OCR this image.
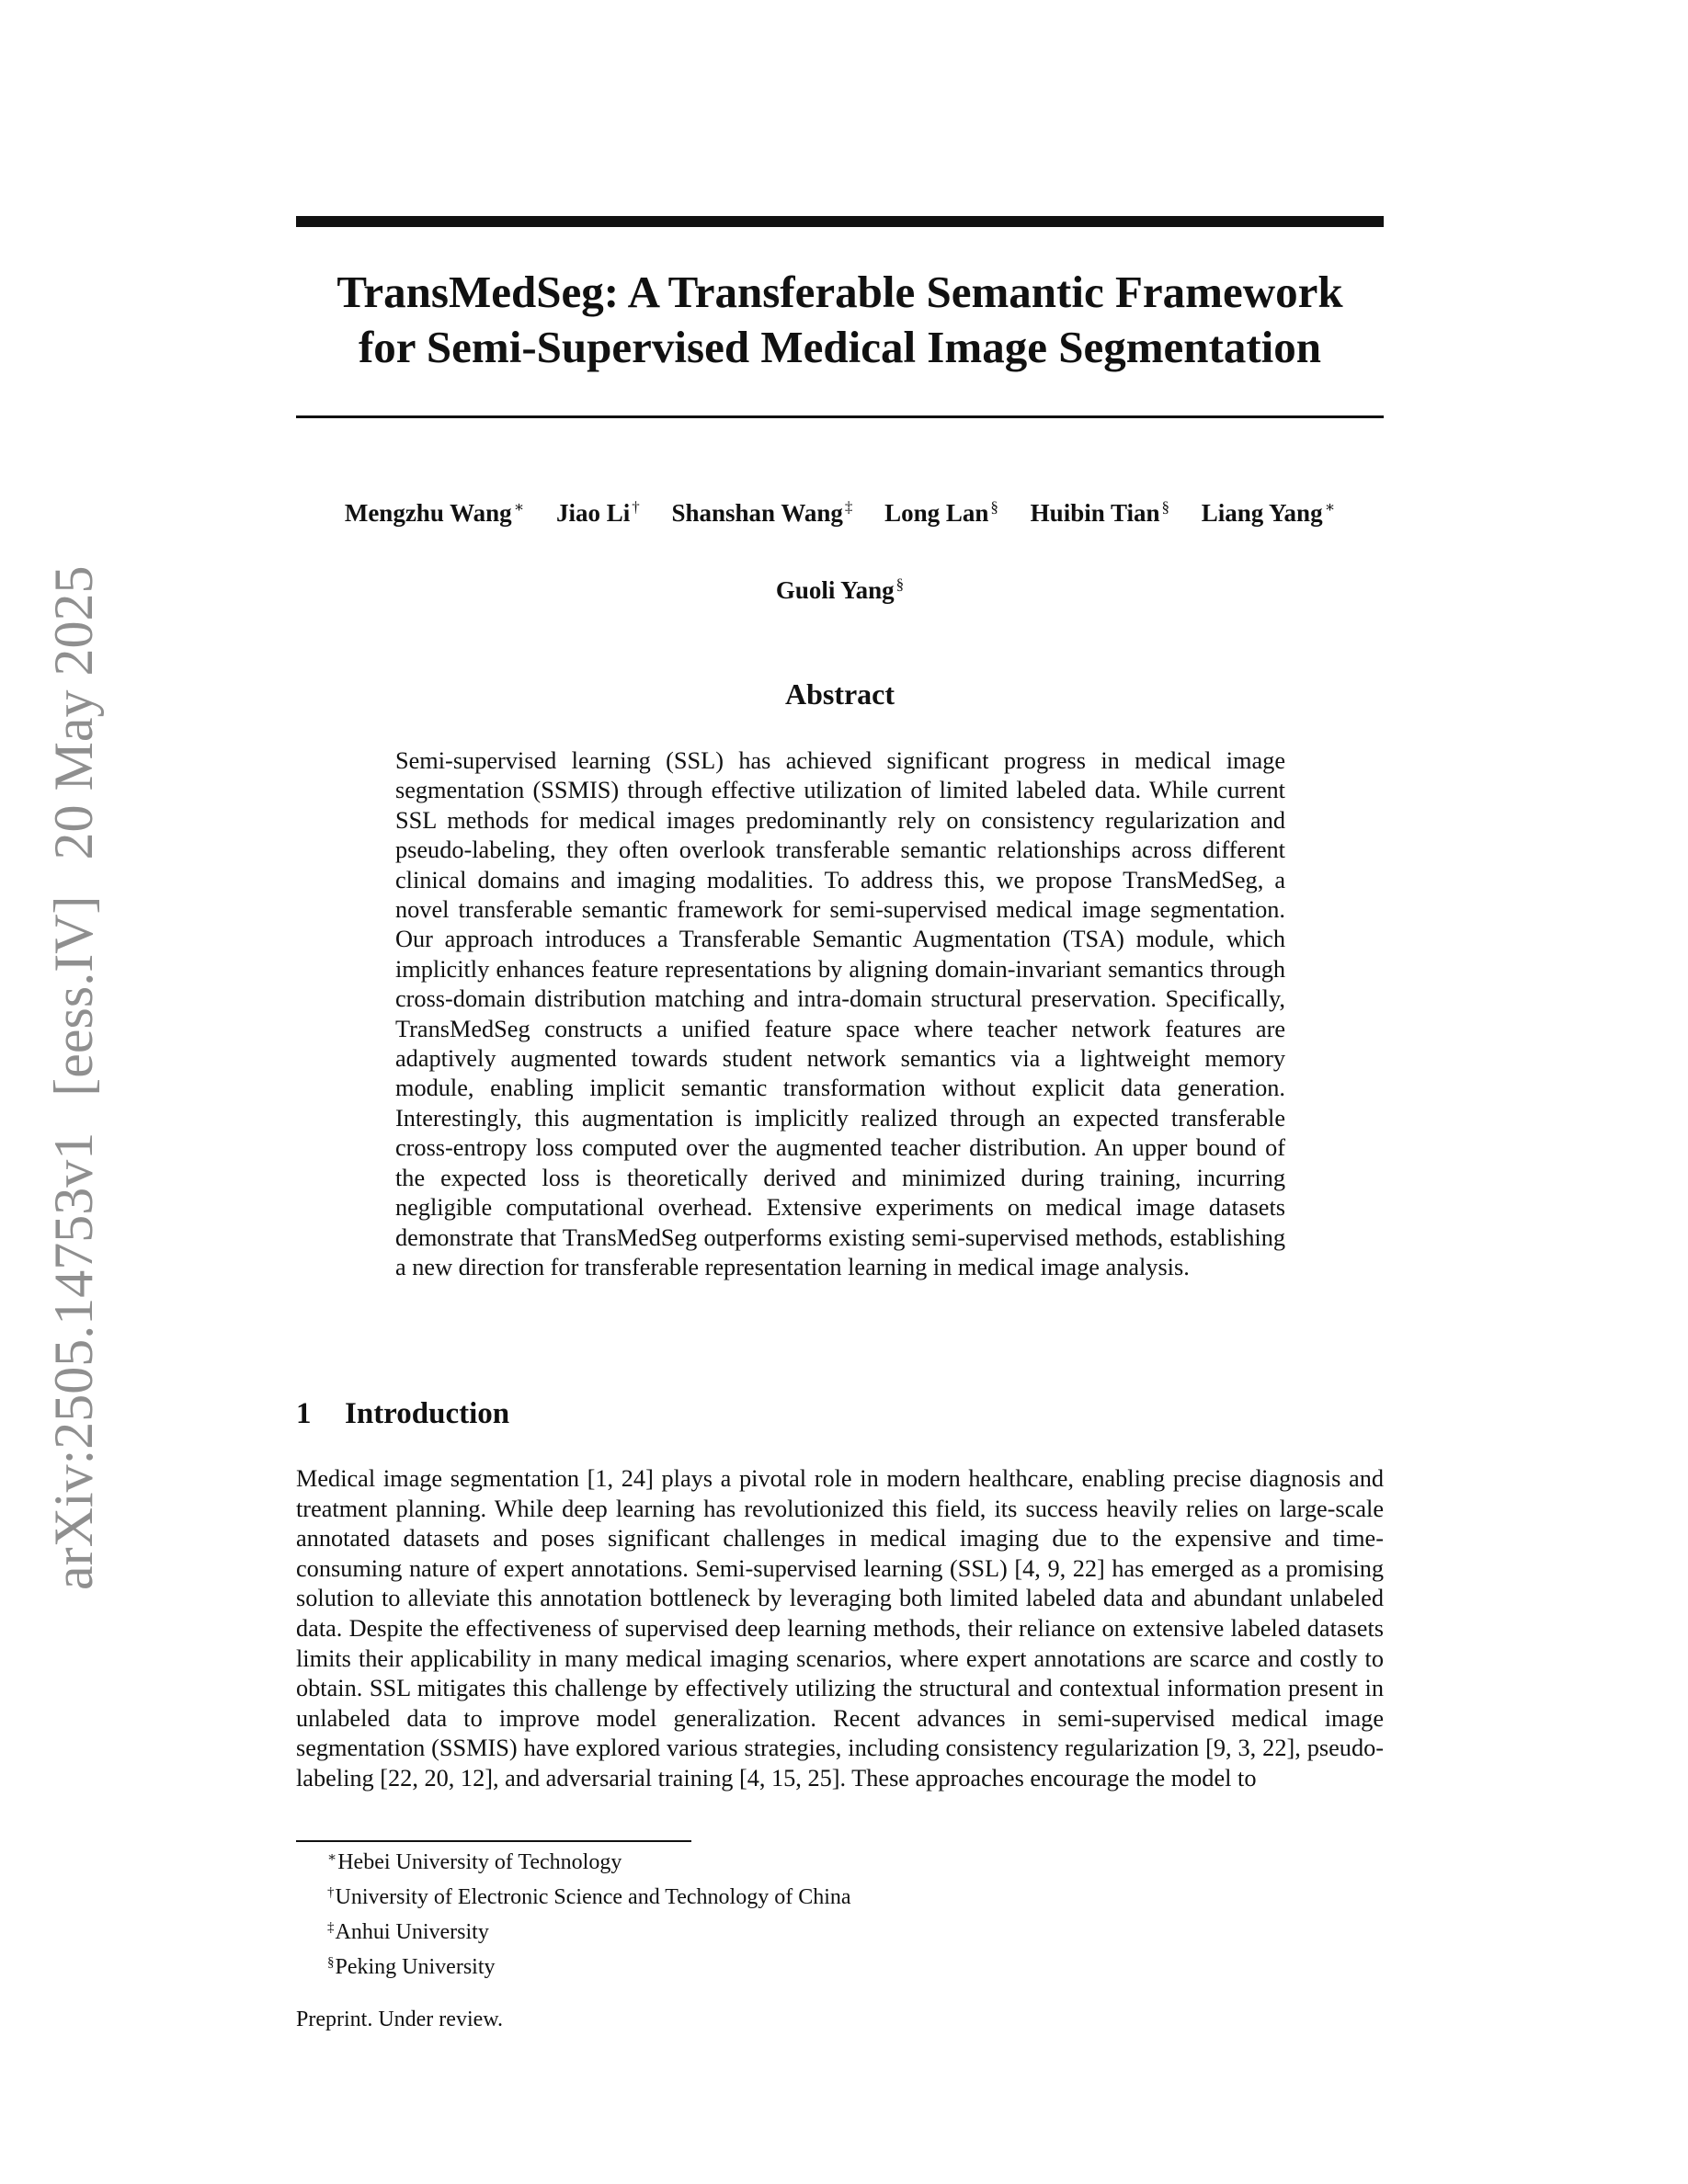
arXiv:2505.14753v1 [eess.IV] 20 May 2025
TransMedSeg: A Transferable Semantic Framework
for Semi-Supervised Medical Image Segmentation
Mengzhu Wang ∗ Jiao Li † Shanshan Wang ‡ Long Lan § Huibin Tian § Liang Yang ∗
Guoli Yang §
Abstract

Semi-supervised learning (SSL) has achieved significant progress in medical image segmentation (SSMIS) through effective utilization of limited labeled data. While current SSL methods for medical images predominantly rely on consistency regularization and pseudo-labeling, they often overlook transferable semantic relationships across different clinical domains and imaging modalities. To address this, we propose TransMedSeg, a novel transferable semantic framework for semi-supervised medical image segmentation. Our approach introduces a Transferable Semantic Augmentation (TSA) module, which implicitly enhances feature representations by aligning domain-invariant semantics through cross-domain distribution matching and intra-domain structural preservation. Specifically, TransMedSeg constructs a unified feature space where teacher network features are adaptively augmented towards student network semantics via a lightweight memory module, enabling implicit semantic transformation without explicit data generation. Interestingly, this augmentation is implicitly realized through an expected transferable cross-entropy loss computed over the augmented teacher distribution. An upper bound of the expected loss is theoretically derived and minimized during training, incurring negligible computational overhead. Extensive experiments on medical image datasets demonstrate that TransMedSeg outperforms existing semi-supervised methods, establishing a new direction for transferable representation learning in medical image analysis.

1 Introduction

Medical image segmentation [1, 24] plays a pivotal role in modern healthcare, enabling precise diagnosis and treatment planning. While deep learning has revolutionized this field, its success heavily relies on large-scale annotated datasets and poses significant challenges in medical imaging due to the expensive and time-consuming nature of expert annotations. Semi-supervised learning (SSL) [4, 9, 22] has emerged as a promising solution to alleviate this annotation bottleneck by leveraging both limited labeled data and abundant unlabeled data. Despite the effectiveness of supervised deep learning methods, their reliance on extensive labeled datasets limits their applicability in many medical imaging scenarios, where expert annotations are scarce and costly to obtain. SSL mitigates this challenge by effectively utilizing the structural and contextual information present in unlabeled data to improve model generalization. Recent advances in semi-supervised medical image segmentation (SSMIS) have explored various strategies, including consistency regularization [9, 3, 22], pseudo-labeling [22, 20, 12], and adversarial training [4, 15, 25]. These approaches encourage the model to

∗Hebei University of Technology
†University of Electronic Science and Technology of China
‡Anhui University
§Peking University
Preprint. Under review.
